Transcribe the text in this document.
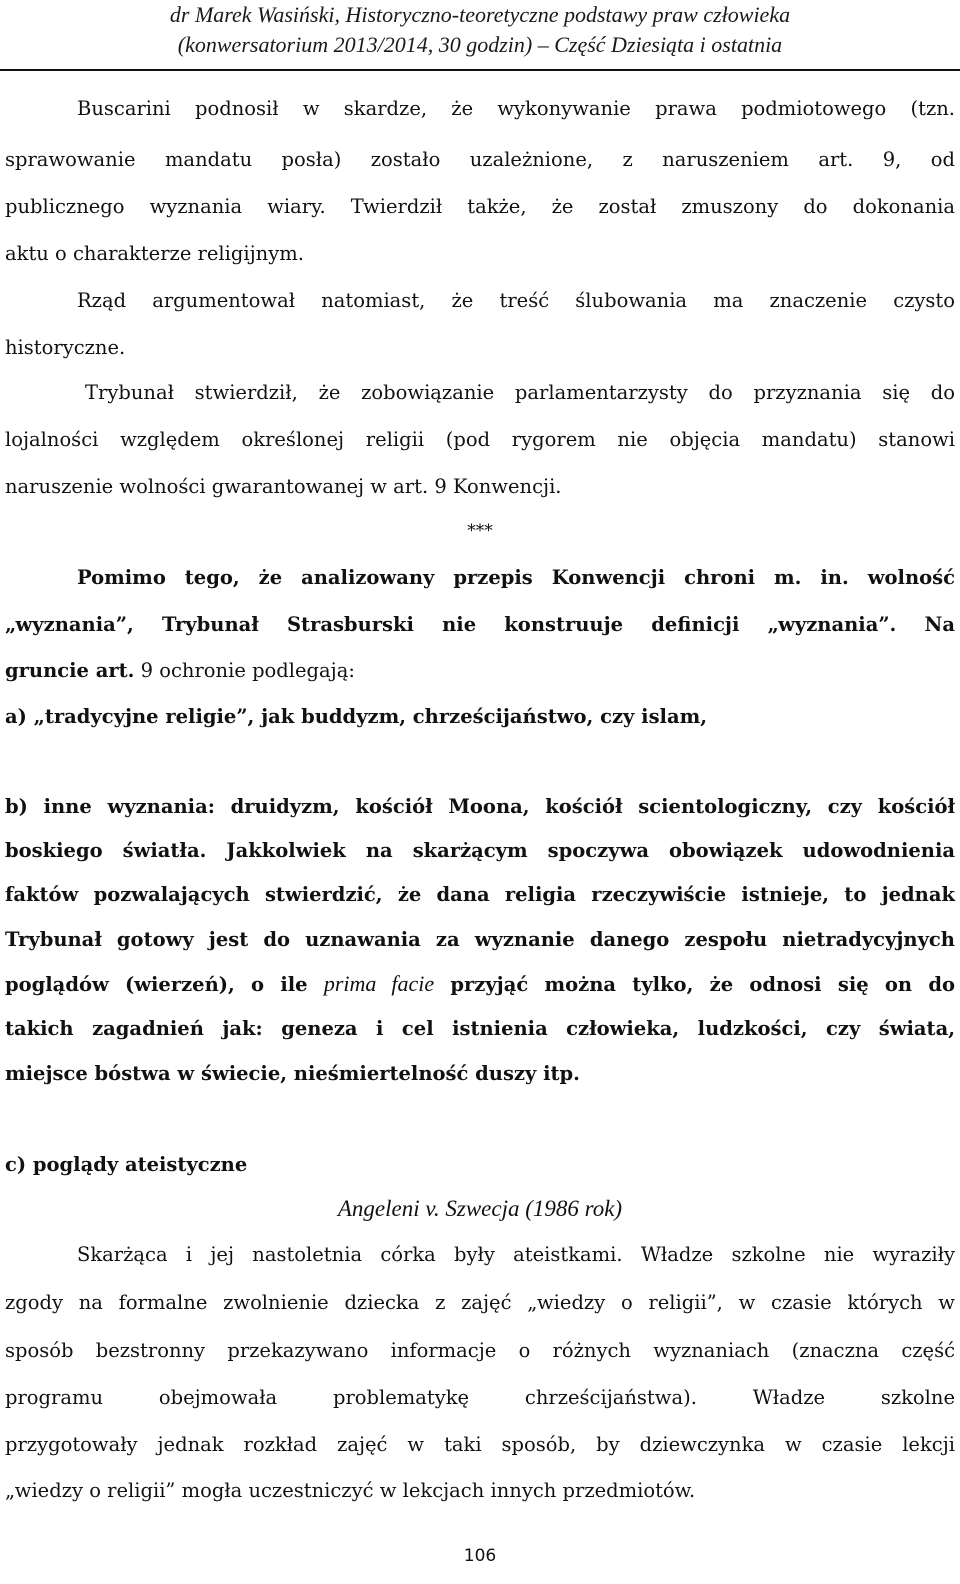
dr Marek Wasiński, Historyczno-teoretyczne podstawy praw człowieka
(konwersatorium 2013/2014, 30 godzin) – Część Dziesiąta i ostatnia
Buscarini podnosił w skardze, że wykonywanie prawa podmiotowego (tzn.
sprawowanie mandatu posła) zostało uzależnione, z naruszeniem art. 9, od
publicznego wyznania wiary. Twierdził także, że został zmuszony do dokonania
aktu o charakterze religijnym.
Rząd argumentował natomiast, że treść ślubowania ma znaczenie czysto
historyczne.
Trybunał stwierdził, że zobowiązanie parlamentarzysty do przyznania się do
lojalności względem określonej religii (pod rygorem nie objęcia mandatu) stanowi
naruszenie wolności gwarantowanej w art. 9 Konwencji.
***
Pomimo tego, że analizowany przepis Konwencji chroni m. in. wolność
„wyznania”, Trybunał Strasburski nie konstruuje definicji „wyznania”. Na
gruncie art. 9 ochronie podlegają:
a) „tradycyjne religie”, jak buddyzm, chrześcijaństwo, czy islam,
b) inne wyznania: druidyzm, kościół Moona, kościół scientologiczny, czy kościół
boskiego światła. Jakkolwiek na skarżącym spoczywa obowiązek udowodnienia
faktów pozwalających stwierdzić, że dana religia rzeczywiście istnieje, to jednak
Trybunał gotowy jest do uznawania za wyznanie danego zespołu nietradycyjnych
poglądów (wierzeń), o ile prima facie przyjąć można tylko, że odnosi się on do
takich zagadnień jak: geneza i cel istnienia człowieka, ludzkości, czy świata,
miejsce bóstwa w świecie, nieśmiertelność duszy itp.
c) poglądy ateistyczne
Angeleni v. Szwecja (1986 rok)
Skarżąca i jej nastoletnia córka były ateistkami. Władze szkolne nie wyraziły
zgody na formalne zwolnienie dziecka z zajęć „wiedzy o religii”, w czasie których w
sposób bezstronny przekazywano informacje o różnych wyznaniach (znaczna część
programu obejmowała problematykę chrześcijaństwa). Władze szkolne
przygotowały jednak rozkład zajęć w taki sposób, by dziewczynka w czasie lekcji
„wiedzy o religii” mogła uczestniczyć w lekcjach innych przedmiotów.
106
